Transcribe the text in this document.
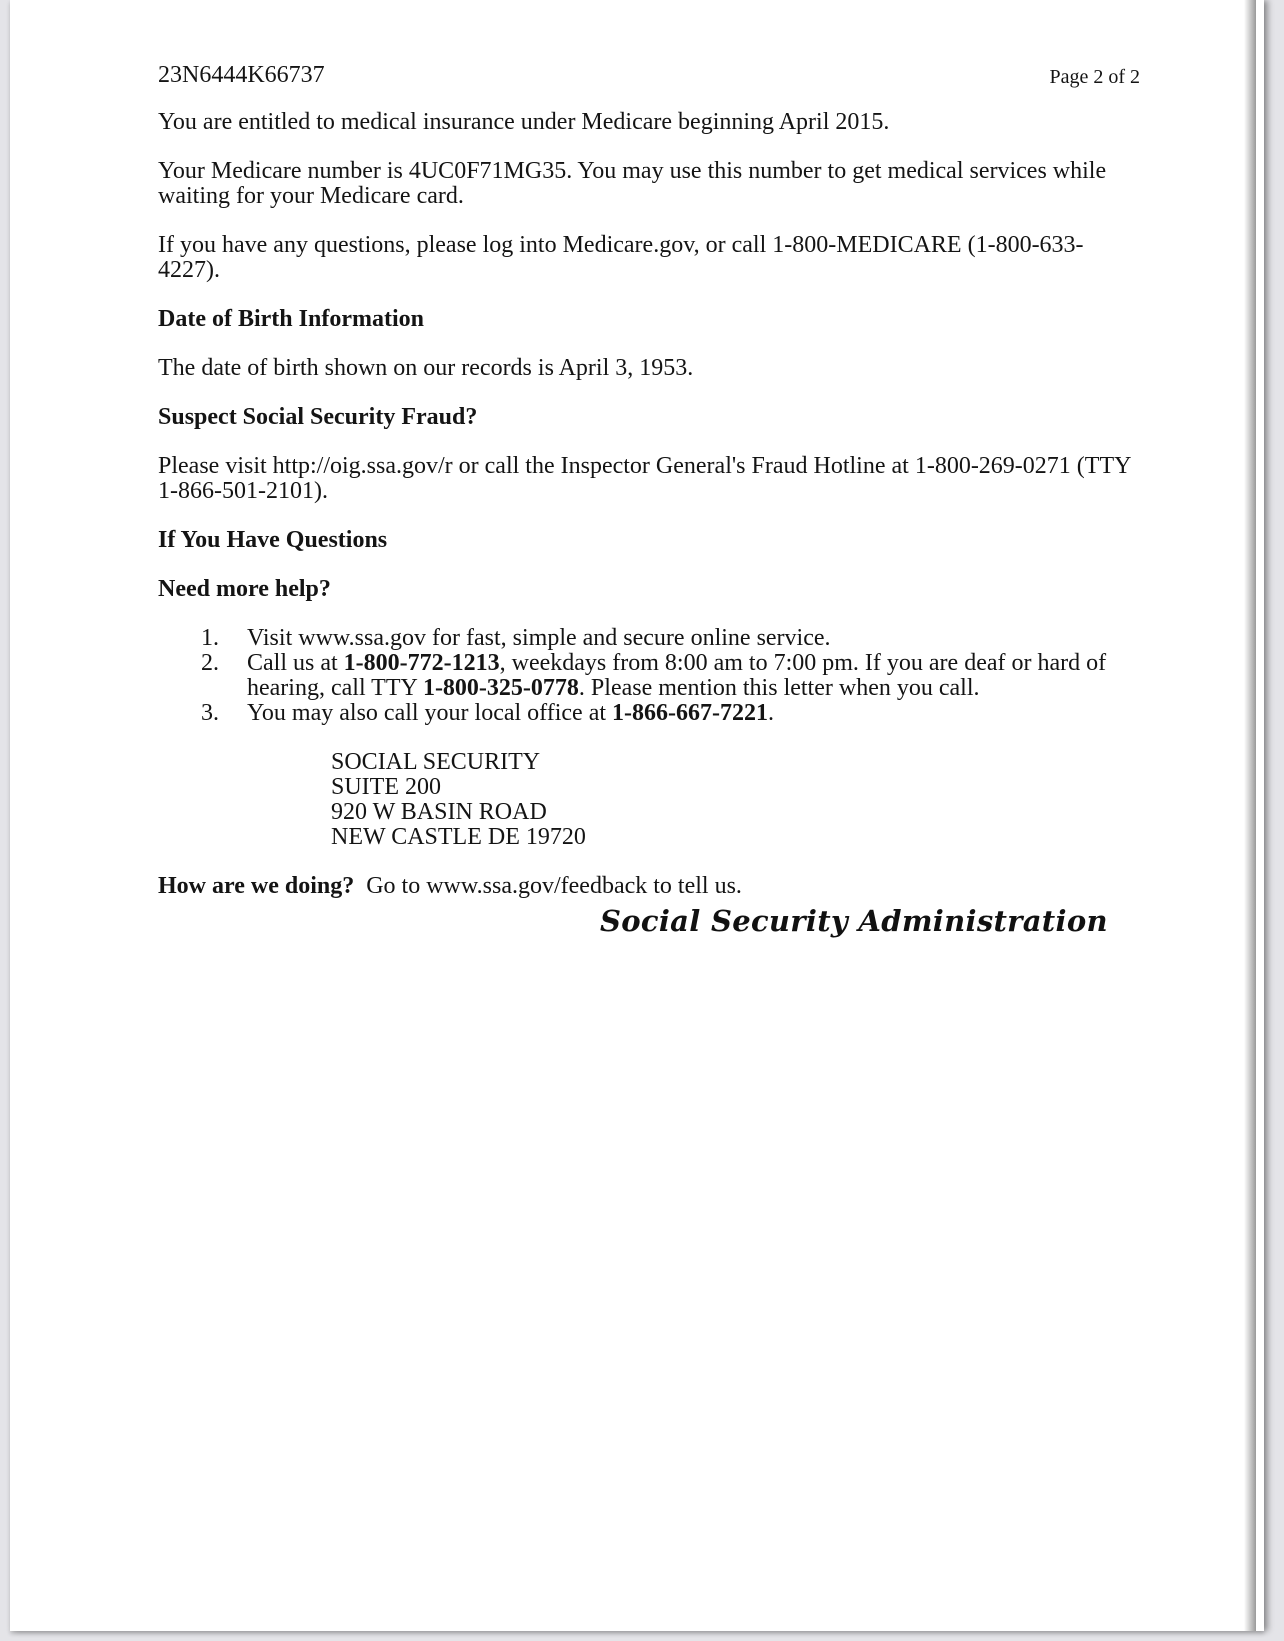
23N6444K66737	Page 2 of 2

You are entitled to medical insurance under Medicare beginning April 2015.

Your Medicare number is 4UC0F71MG35. You may use this number to get medical services while waiting for your Medicare card.

If you have any questions, please log into Medicare.gov, or call 1-800-MEDICARE (1-800-633-4227).

Date of Birth Information

The date of birth shown on our records is April 3, 1953.

Suspect Social Security Fraud?

Please visit http://oig.ssa.gov/r or call the Inspector General's Fraud Hotline at 1-800-269-0271 (TTY 1-866-501-2101).

If You Have Questions

Need more help?

1. Visit www.ssa.gov for fast, simple and secure online service.
2. Call us at 1-800-772-1213, weekdays from 8:00 am to 7:00 pm. If you are deaf or hard of hearing, call TTY 1-800-325-0778. Please mention this letter when you call.
3. You may also call your local office at 1-866-667-7221.
SOCIAL SECURITY
SUITE 200
920 W BASIN ROAD
NEW CASTLE DE 19720

How are we doing?  Go to www.ssa.gov/feedback to tell us.

Social Security Administration
